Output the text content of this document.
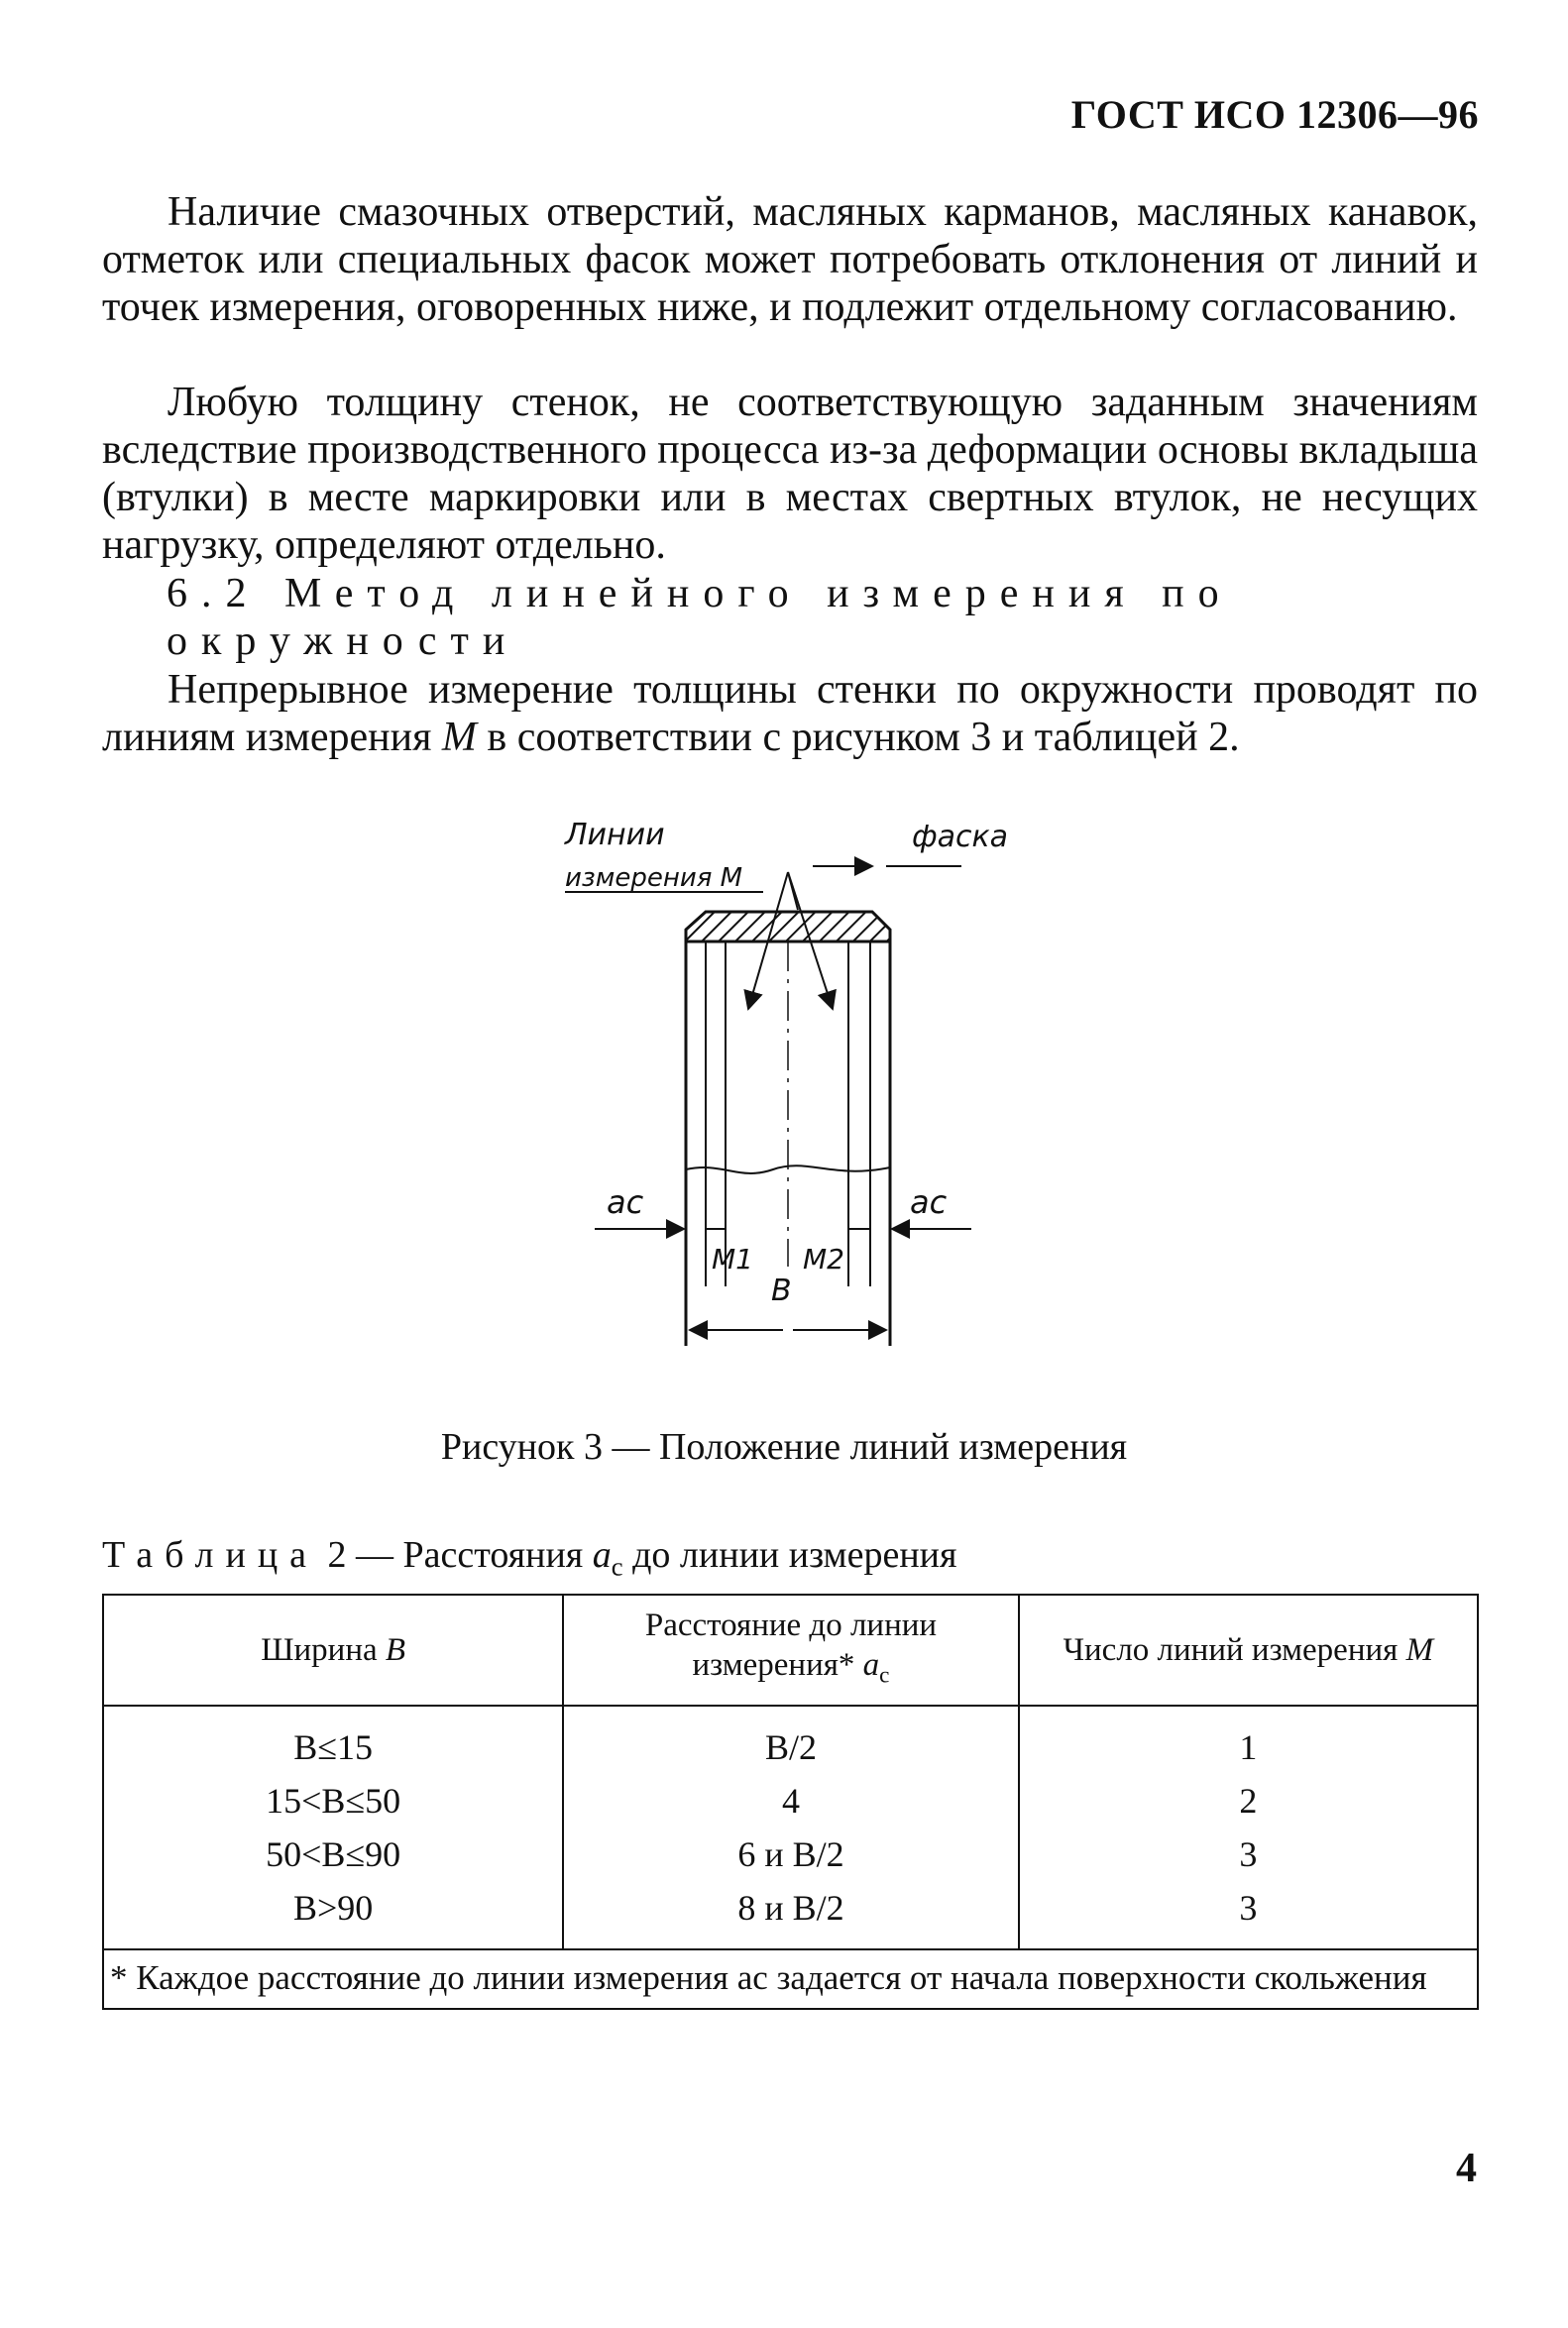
ГОСТ ИСО 12306—96
Наличие смазочных отверстий, масляных карманов, масляных канавок, отметок или специальных фасок может потребовать отклонения от линий и точек измерения, оговоренных ниже, и подлежит отдельному согласованию.
Любую толщину стенок, не соответствующую заданным значениям вследствие производственного процесса из-за деформации основы вкладыша (втулки) в месте маркировки или в местах свертных втулок, не несущих нагрузку, определяют отдельно.
6.2 Метод линейного измерения по окружности
Непрерывное измерение толщины стенки по окружности проводят по линиям измерения M в соответствии с рисунком 3 и таблицей 2.
Линии
измерения М
фаска
ac	ac
М1 М2
B
Рисунок 3 — Положение линий измерения
Таблица 2 — Расстояния $a_c$ до линии измерения
Ширина B	Расстояние до линии
измерения* $a_c$	Число линий измерения M
B≤15	B/2	1
15<B≤50	4	2
50<B≤90	6 и B/2	3
B>90	8 и B/2	3
* Каждое расстояние до линии измерения ac задается от начала поверхности скольжения		
4
